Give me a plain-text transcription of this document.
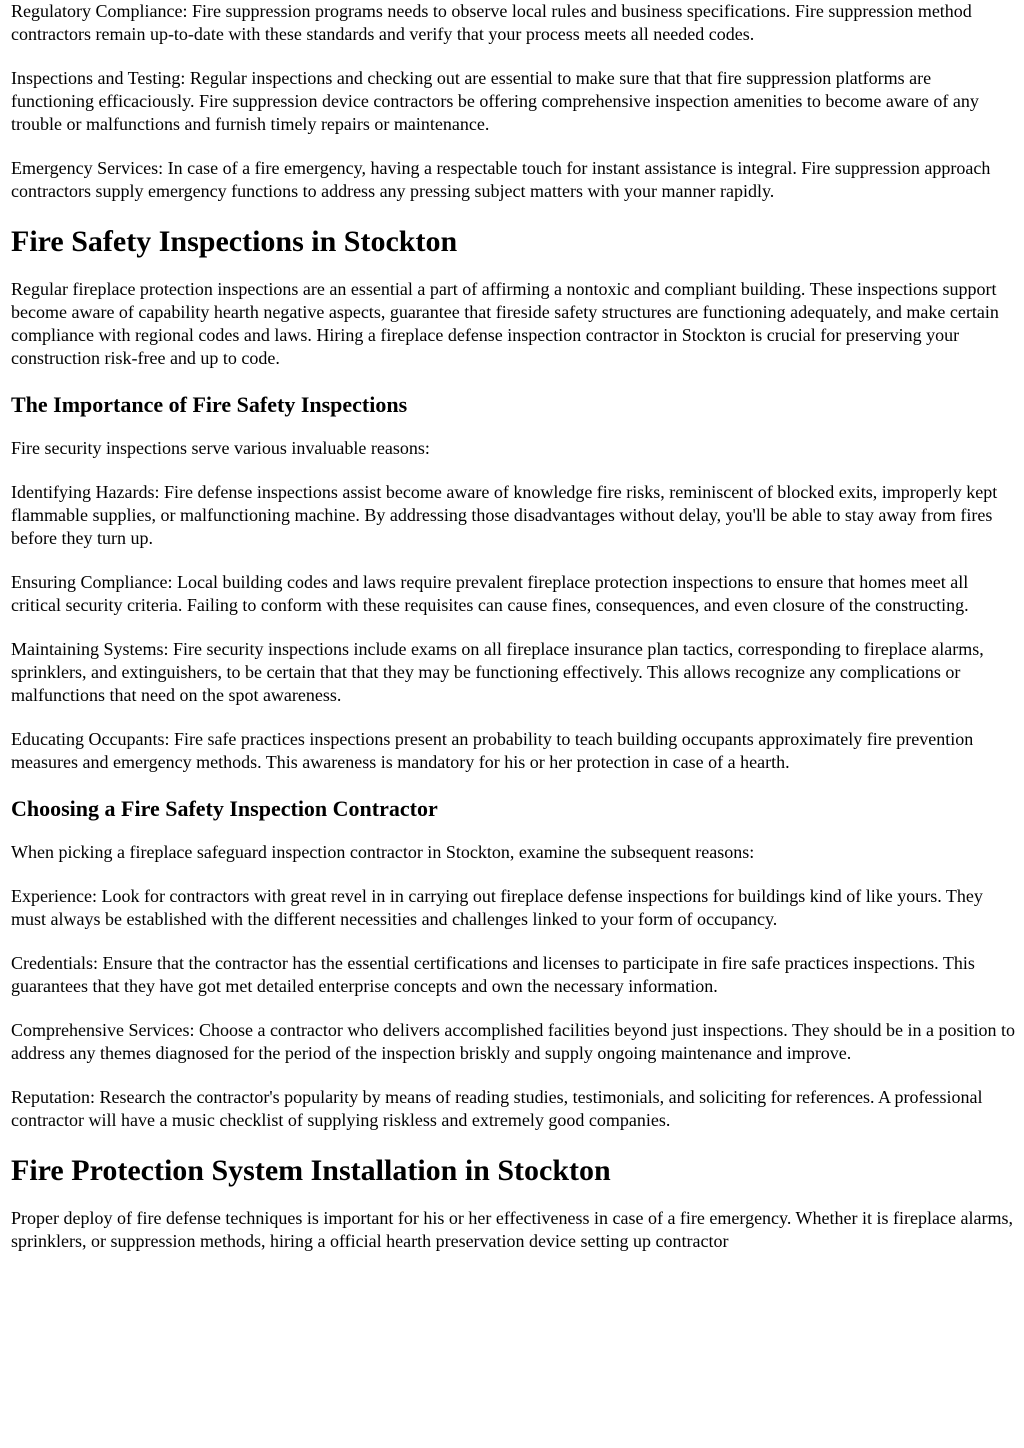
Regulatory Compliance: Fire suppression programs needs to observe local rules and business specifications. Fire suppression method contractors remain up-to-date with these standards and verify that your process meets all needed codes.

Inspections and Testing: Regular inspections and checking out are essential to make sure that that fire suppression platforms are functioning efficaciously. Fire suppression device contractors be offering comprehensive inspection amenities to become aware of any trouble or malfunctions and furnish timely repairs or maintenance.

Emergency Services: In case of a fire emergency, having a respectable touch for instant assistance is integral. Fire suppression approach contractors supply emergency functions to address any pressing subject matters with your manner rapidly.

Fire Safety Inspections in Stockton

Regular fireplace protection inspections are an essential a part of affirming a nontoxic and compliant building. These inspections support become aware of capability hearth negative aspects, guarantee that fireside safety structures are functioning adequately, and make certain compliance with regional codes and laws. Hiring a fireplace defense inspection contractor in Stockton is crucial for preserving your construction risk-free and up to code.

The Importance of Fire Safety Inspections

Fire security inspections serve various invaluable reasons:

Identifying Hazards: Fire defense inspections assist become aware of knowledge fire risks, reminiscent of blocked exits, improperly kept flammable supplies, or malfunctioning machine. By addressing those disadvantages without delay, you'll be able to stay away from fires before they turn up.

Ensuring Compliance: Local building codes and laws require prevalent fireplace protection inspections to ensure that homes meet all critical security criteria. Failing to conform with these requisites can cause fines, consequences, and even closure of the constructing.

Maintaining Systems: Fire security inspections include exams on all fireplace insurance plan tactics, corresponding to fireplace alarms, sprinklers, and extinguishers, to be certain that that they may be functioning effectively. This allows recognize any complications or malfunctions that need on the spot awareness.

Educating Occupants: Fire safe practices inspections present an probability to teach building occupants approximately fire prevention measures and emergency methods. This awareness is mandatory for his or her protection in case of a hearth.

Choosing a Fire Safety Inspection Contractor

When picking a fireplace safeguard inspection contractor in Stockton, examine the subsequent reasons:

Experience: Look for contractors with great revel in in carrying out fireplace defense inspections for buildings kind of like yours. They must always be established with the different necessities and challenges linked to your form of occupancy.

Credentials: Ensure that the contractor has the essential certifications and licenses to participate in fire safe practices inspections. This guarantees that they have got met detailed enterprise concepts and own the necessary information.

Comprehensive Services: Choose a contractor who delivers accomplished facilities beyond just inspections. They should be in a position to address any themes diagnosed for the period of the inspection briskly and supply ongoing maintenance and improve.

Reputation: Research the contractor's popularity by means of reading studies, testimonials, and soliciting for references. A professional contractor will have a music checklist of supplying riskless and extremely good companies.

Fire Protection System Installation in Stockton

Proper deploy of fire defense techniques is important for his or her effectiveness in case of a fire emergency. Whether it is fireplace alarms, sprinklers, or suppression methods, hiring a official hearth preservation device setting up contractor
